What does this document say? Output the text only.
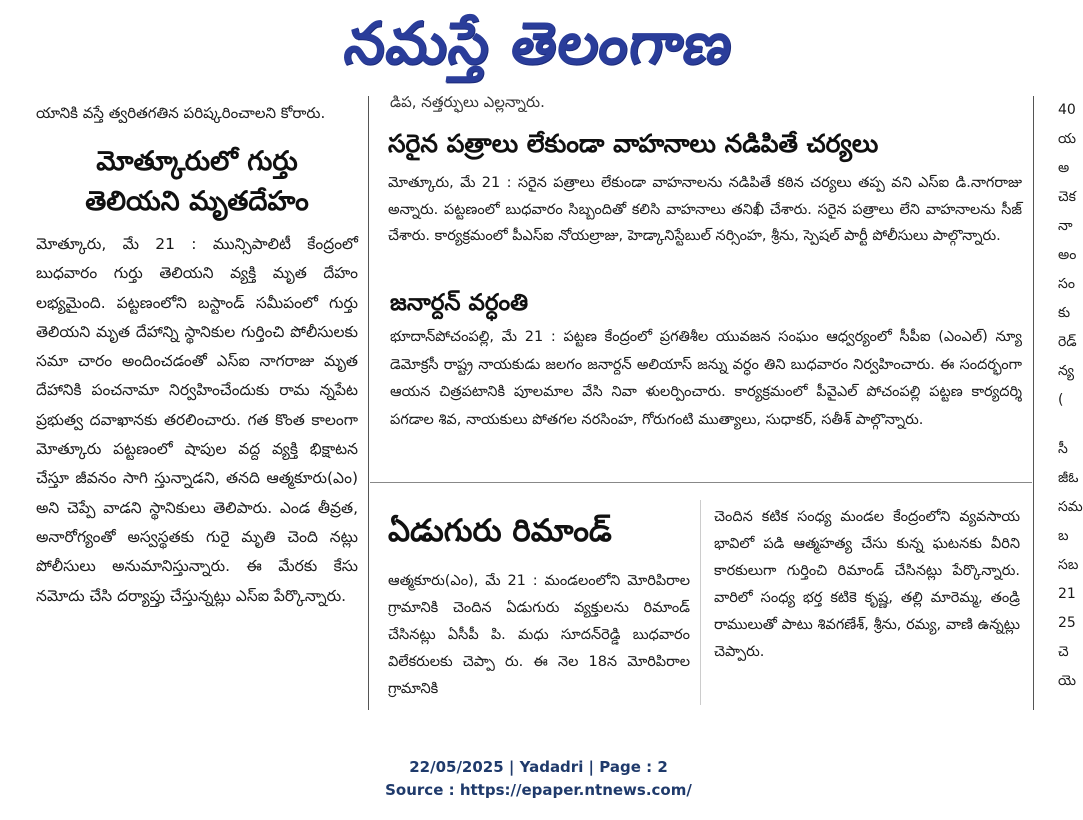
నమస్తే తెలంగాణ

యానికి వస్తే త్వరితగతిన పరిష్కరించాలని కోరారు.

మోత్కూరులో గుర్తు
తెలియని మృతదేహం

మోత్కూరు, మే 21 : మున్సిపాలిటీ కేంద్రంలో బుధవారం గుర్తు తెలియని వ్యక్తి మృత దేహం లభ్యమైంది. పట్టణంలోని బస్టాండ్ సమీపంలో గుర్తు తెలియని మృత దేహాన్ని స్థానికుల గుర్తించి పోలీసులకు సమా చారం అందించడంతో ఎస్ఐ నాగరాజు మృత దేహానికి పంచనామా నిర్వహించేందుకు రామ న్నపేట ప్రభుత్వ దవాఖానకు తరలించారు. గత కొంత కాలంగా మోత్కూరు పట్టణంలో షాపుల వద్ద వ్యక్తి భిక్షాటన చేస్తూ జీవనం సాగి స్తున్నాడని, తనది ఆత్మకూరు(ఎం) అని చెప్పే వాడని స్థానికులు తెలిపారు. ఎండ తీవ్రత, అనారోగ్యంతో అస్వస్థతకు గురై మృతి చెంది నట్లు పోలీసులు అనుమానిస్తున్నారు. ఈ మేరకు కేసు నమోదు చేసి దర్యాప్తు చేస్తున్నట్లు ఎస్ఐ పేర్కొన్నారు.

డిప, నత్తర్ఫులు ఎల్లన్నారు.

సరైన పత్రాలు లేకుండా వాహనాలు నడిపితే చర్యలు

మోత్కూరు, మే 21 : సరైన పత్రాలు లేకుండా వాహనాలను నడిపితే కఠిన చర్యలు తప్ప వని ఎస్ఐ డి.నాగరాజు అన్నారు. పట్టణంలో బుధవారం సిబ్బందితో కలిసి వాహనాలు తనిఖీ చేశారు. సరైన పత్రాలు లేని వాహనాలను సీజ్ చేశారు. కార్యక్రమంలో పీఎస్ఐ నోయల్రాజు, హెడ్కానిస్టేబుల్ నర్సింహ, శ్రీను, స్పెషల్ పార్టీ పోలీసులు పాల్గొన్నారు.

జనార్దన్ వర్ధంతి

భూదాన్‌పోచంపల్లి, మే 21 : పట్టణ కేంద్రంలో ప్రగతిశీల యువజన సంఘం ఆధ్వర్యంలో సీపీఐ (ఎంఎల్) న్యూ డెమోక్రసీ రాష్ట్ర నాయకుడు జలగం జనార్దన్ అలియాస్ జన్ను వర్ధం తిని బుధవారం నిర్వహించారు. ఈ సందర్భంగా ఆయన చిత్రపటానికి పూలమాల వేసి నివా ళులర్పించారు. కార్యక్రమంలో పీవైఎల్ పోచంపల్లి పట్టణ కార్యదర్శి పగడాల శివ, నాయకులు పోతగల నరసింహ, గోరుగంటి ముత్యాలు, సుధాకర్, సతీశ్ పాల్గొన్నారు.

ఏడుగురు రిమాండ్

ఆత్మకూరు(ఎం), మే 21 : మండలంలోని మోరిపిరాల గ్రామానికి చెందిన ఏడుగురు వ్యక్తులను రిమాండ్ చేసినట్లు ఏసీపీ పి. మధు సూదన్‌రెడ్డి బుధవారం విలేకరులకు చెప్పా రు. ఈ నెల 18న మోరిపిరాల గ్రామానికి

చెందిన కటిక సంధ్య మండల కేంద్రంలోని వ్యవసాయ భావిలో పడి ఆత్మహత్య చేసు కున్న ఘటనకు వీరిని కారకులుగా గుర్తించి రిమాండ్ చేసినట్లు పేర్కొన్నారు. వారిలో సంధ్య భర్త కటికె కృష్ణ, తల్లి మారెమ్మ, తండ్రి రాములుతో పాటు శివగణేశ్, శ్రీను, రమ్య, వాణి ఉన్నట్లు చెప్పారు.

40
య
అ
చెక
నా
అం
సం
కు
రెడ్
న్య
(
సీ
జీఓ
సమ
బ
సబ
21
25
చె
యె
22/05/2025 | Yadadri | Page : 2
Source : https://epaper.ntnews.com/
